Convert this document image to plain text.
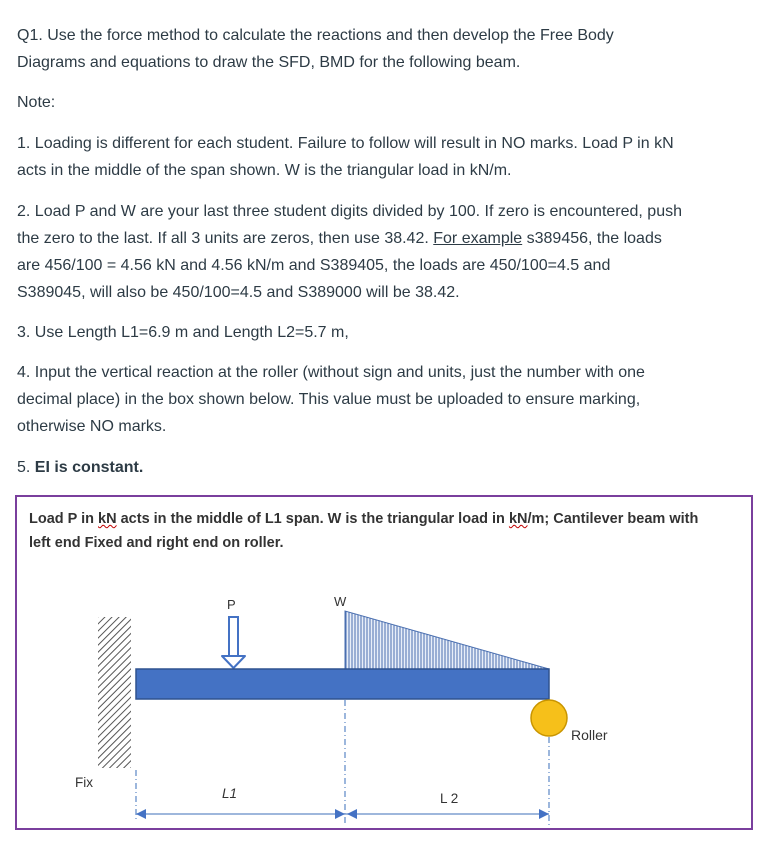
Q1. Use the force method to calculate the reactions and then develop the Free Body
Diagrams and equations to draw the SFD, BMD for the following beam.
Note:
1. Loading is different for each student. Failure to follow will result in NO marks. Load P in kN
acts in the middle of the span shown. W is the triangular load in kN/m.
2. Load P and W are your last three student digits divided by 100. If zero is encountered, push
the zero to the last. If all 3 units are zeros, then use 38.42. For example s389456, the loads
are 456/100 = 4.56 kN and 4.56 kN/m and S389405, the loads are 450/100=4.5 and
S389045, will also be 450/100=4.5 and S389000 will be 38.42.
3. Use Length L1=6.9 m and Length L2=5.7 m,
4. Input the vertical reaction at the roller (without sign and units, just the number with one
decimal place) in the box shown below. This value must be uploaded to ensure marking,
otherwise NO marks.
5. EI is constant.
Load P in kN acts in the middle of L1 span. W is the triangular load in kN/m; Cantilever beam with
left end Fixed and right end on roller.
P	W
Roller
Fix
L1	L 2
